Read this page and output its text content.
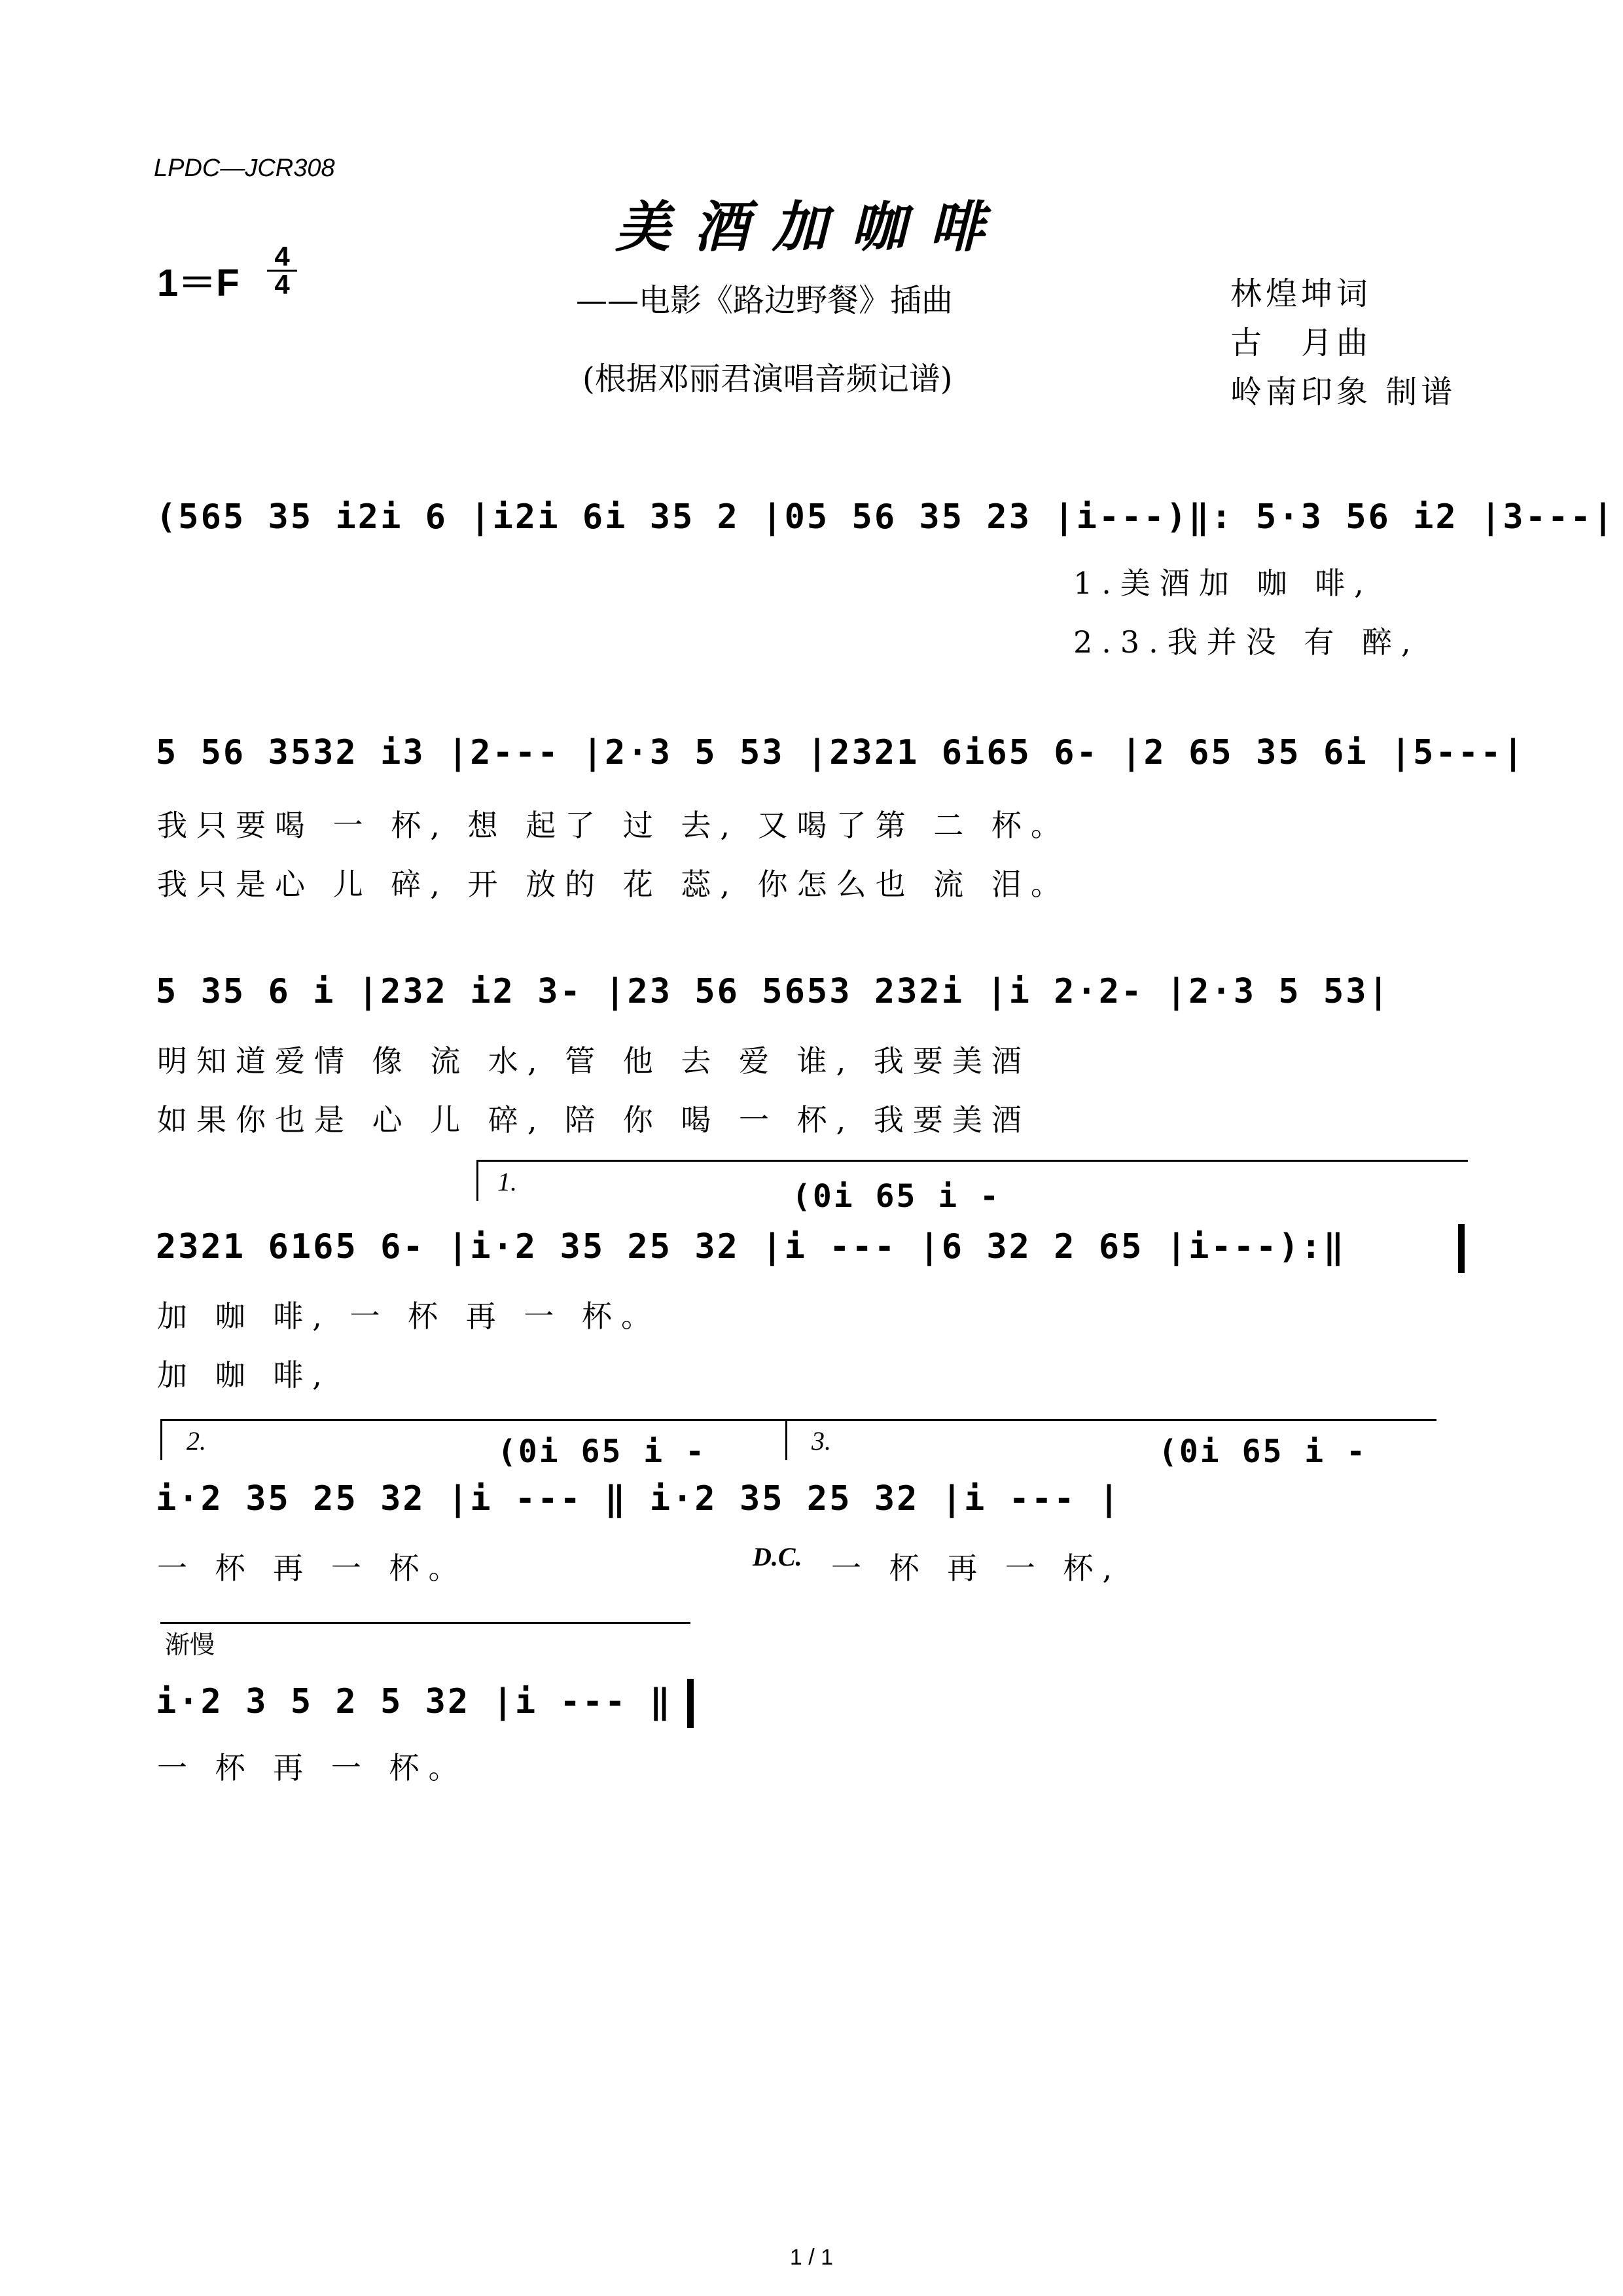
LPDC—JCR308
美酒加咖啡
1＝F
4
4	——电影《路边野餐》插曲
(根据邓丽君演唱音频记谱)
林煌坤词
古　月曲
岭南印象 制谱
(565 35 i2i 6 |i2i 6i 35 2 |05 56 35 23 |i---)‖: 5·3 56 i2 |3---|
1.美酒加 咖 啡,
2.3.我并没 有 醉,
5 56 3532 i3 |2--- |2·3 5 53 |2321 6i65 6- |2 65 35 6i |5---|
我只要喝 一 杯, 想 起了 过 去, 又喝了第 二 杯。
我只是心 儿 碎, 开 放的 花 蕊, 你怎么也 流 泪。
5 35 6 i |232 i2 3- |23 56 5653 232i |i 2·2- |2·3 5 53|
明知道爱情 像 流 水, 管 他 去 爱 谁, 我要美酒
如果你也是 心 儿 碎, 陪 你 喝 一 杯, 我要美酒
1.	(0i 65 i -
2321 6165 6- |i·2 35 25 32 |i --- |6 32 2 65 |i---):‖
加 咖 啡, 一 杯 再 一 杯。
加 咖 啡,
2.	3.
(0i 65 i -	(0i 65 i -
i·2 35 25 32 |i --- ‖ i·2 35 25 32 |i --- |
一 杯 再 一 杯。	D.C. 一 杯 再 一 杯,
渐慢
i·2 3 5 2 5 32 |i --- ‖
一 杯 再 一 杯。
1 / 1
